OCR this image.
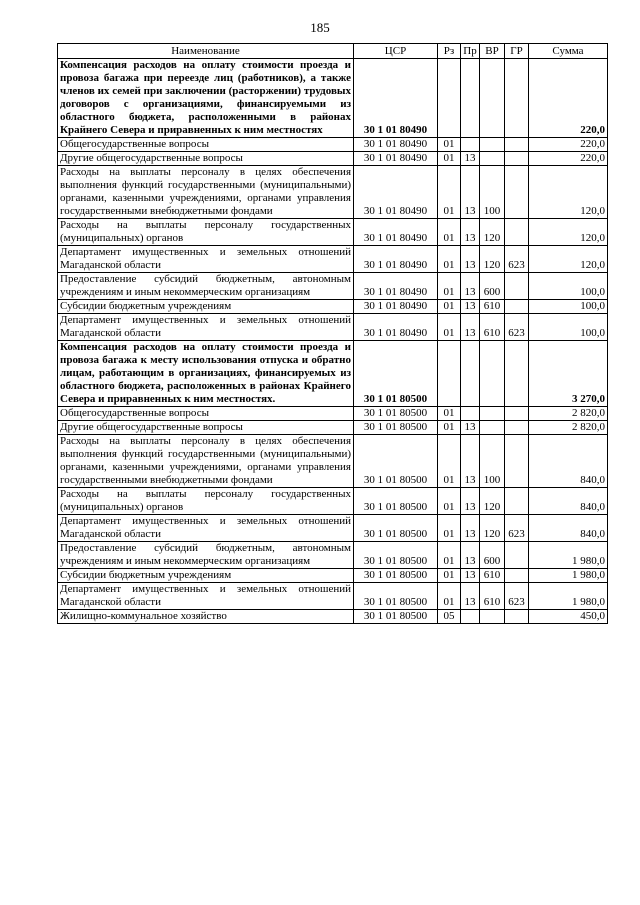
185
Наименование	ЦСР	Рз	Пр	ВР	ГР	Сумма
Компенсация расходов на оплату стоимости проезда и провоза багажа при переезде лиц (работников), а также членов их семей при заключении (расторжении) трудовых договоров с организациями, финансируемыми из областного бюджета, расположенными в районах Крайнего Севера и приравненных к ним местностях	30 1 01 80490					220,0
Общегосударственные вопросы	30 1 01 80490	01				220,0
Другие общегосударственные вопросы	30 1 01 80490	01	13			220,0
Расходы на выплаты персоналу в целях обеспечения выполнения функций государственными (муниципальными) органами, казенными учреждениями, органами управления государственными внебюджетными фондами	30 1 01 80490	01	13	100		120,0
Расходы на выплаты персоналу государственных (муниципальных) органов	30 1 01 80490	01	13	120		120,0
Департамент имущественных и земельных отношений Магаданской области	30 1 01 80490	01	13	120	623	120,0
Предоставление субсидий бюджетным, автономным учреждениям и иным некоммерческим организациям	30 1 01 80490	01	13	600		100,0
Субсидии бюджетным учреждениям	30 1 01 80490	01	13	610		100,0
Департамент имущественных и земельных отношений Магаданской области	30 1 01 80490	01	13	610	623	100,0
Компенсация расходов на оплату стоимости проезда и провоза багажа к месту использования отпуска и обратно лицам, работающим в организациях, финансируемых из областного бюджета, расположенных в районах Крайнего Севера и приравненных к ним местностях.	30 1 01 80500					3 270,0
Общегосударственные вопросы	30 1 01 80500	01				2 820,0
Другие общегосударственные вопросы	30 1 01 80500	01	13			2 820,0
Расходы на выплаты персоналу в целях обеспечения выполнения функций государственными (муниципальными) органами, казенными учреждениями, органами управления государственными внебюджетными фондами	30 1 01 80500	01	13	100		840,0
Расходы на выплаты персоналу государственных (муниципальных) органов	30 1 01 80500	01	13	120		840,0
Департамент имущественных и земельных отношений Магаданской области	30 1 01 80500	01	13	120	623	840,0
Предоставление субсидий бюджетным, автономным учреждениям и иным некоммерческим организациям	30 1 01 80500	01	13	600		1 980,0
Субсидии бюджетным учреждениям	30 1 01 80500	01	13	610		1 980,0
Департамент имущественных и земельных отношений Магаданской области	30 1 01 80500	01	13	610	623	1 980,0
Жилищно-коммунальное хозяйство	30 1 01 80500	05				450,0
